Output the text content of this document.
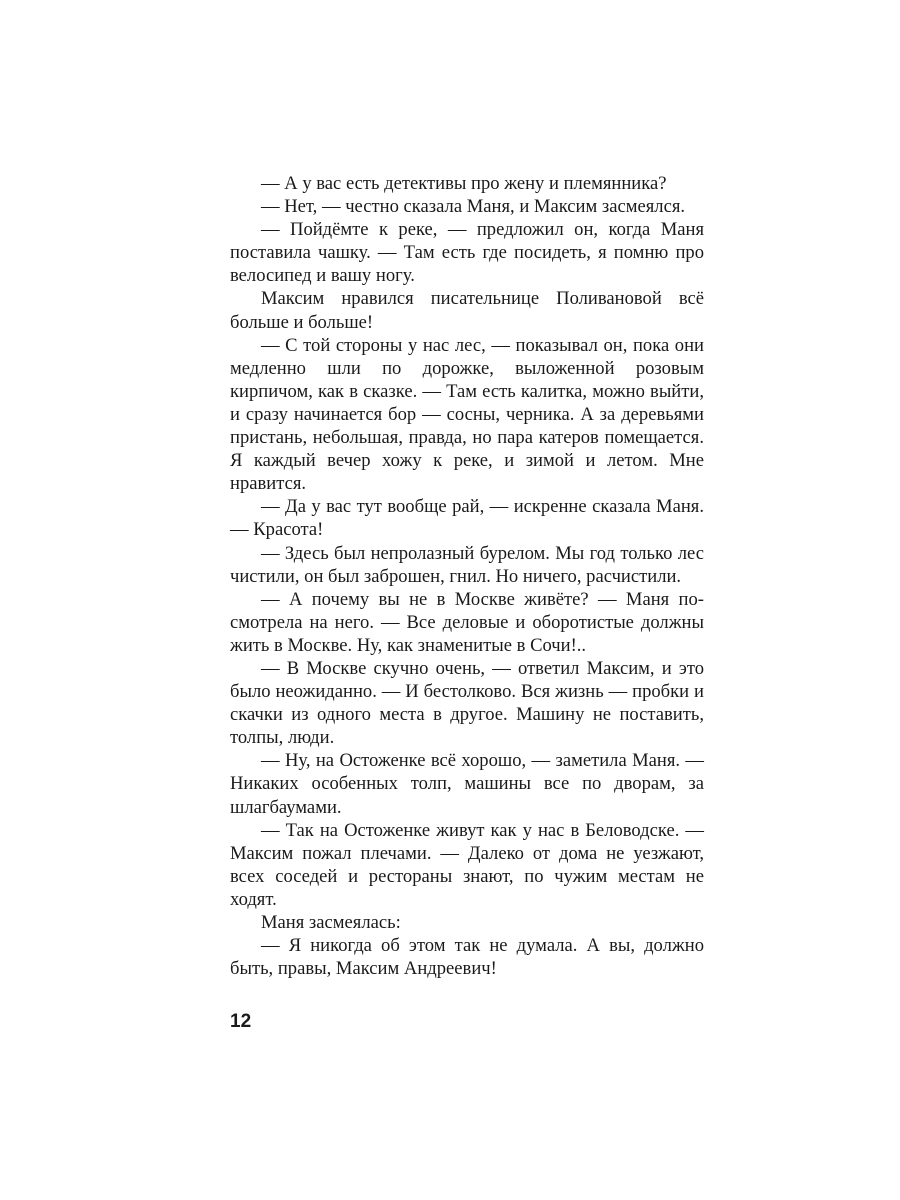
— А у вас есть детективы про жену и племянника?

— Нет, — честно сказала Маня, и Максим засмеялся.

— Пойдёмте к реке, — предложил он, когда Маня поставила чашку. — Там есть где посидеть, я помню про велосипед и вашу ногу.

Максим нравился писательнице Поливановой всё больше и больше!

— С той стороны у нас лес, — показывал он, пока они медленно шли по дорожке, выложенной розовым кирпичом, как в сказке. — Там есть калитка, можно выйти, и сразу начинается бор — сосны, черника. А за деревьями пристань, небольшая, правда, но пара катеров помещается. Я каждый вечер хожу к реке, и зимой и летом. Мне нравится.

— Да у вас тут вообще рай, — искренне сказала Маня. — Красота!

— Здесь был непролазный бурелом. Мы год только лес чистили, он был заброшен, гнил. Но ничего, расчистили.

— А почему вы не в Москве живёте? — Маня посмотрела на него. — Все деловые и оборотистые должны жить в Москве. Ну, как знаменитые в Сочи!..

— В Москве скучно очень, — ответил Максим, и это было неожиданно. — И бестолково. Вся жизнь — пробки и скачки из одного места в другое. Машину не поставить, толпы, люди.

— Ну, на Остоженке всё хорошо, — заметила Маня. — Никаких особенных толп, машины все по дворам, за шлагбаумами.

— Так на Остоженке живут как у нас в Беловодске. — Максим пожал плечами. — Далеко от дома не уезжают, всех соседей и рестораны знают, по чужим местам не ходят.

Маня засмеялась:

— Я никогда об этом так не думала. А вы, должно быть, правы, Максим Андреевич!

12
